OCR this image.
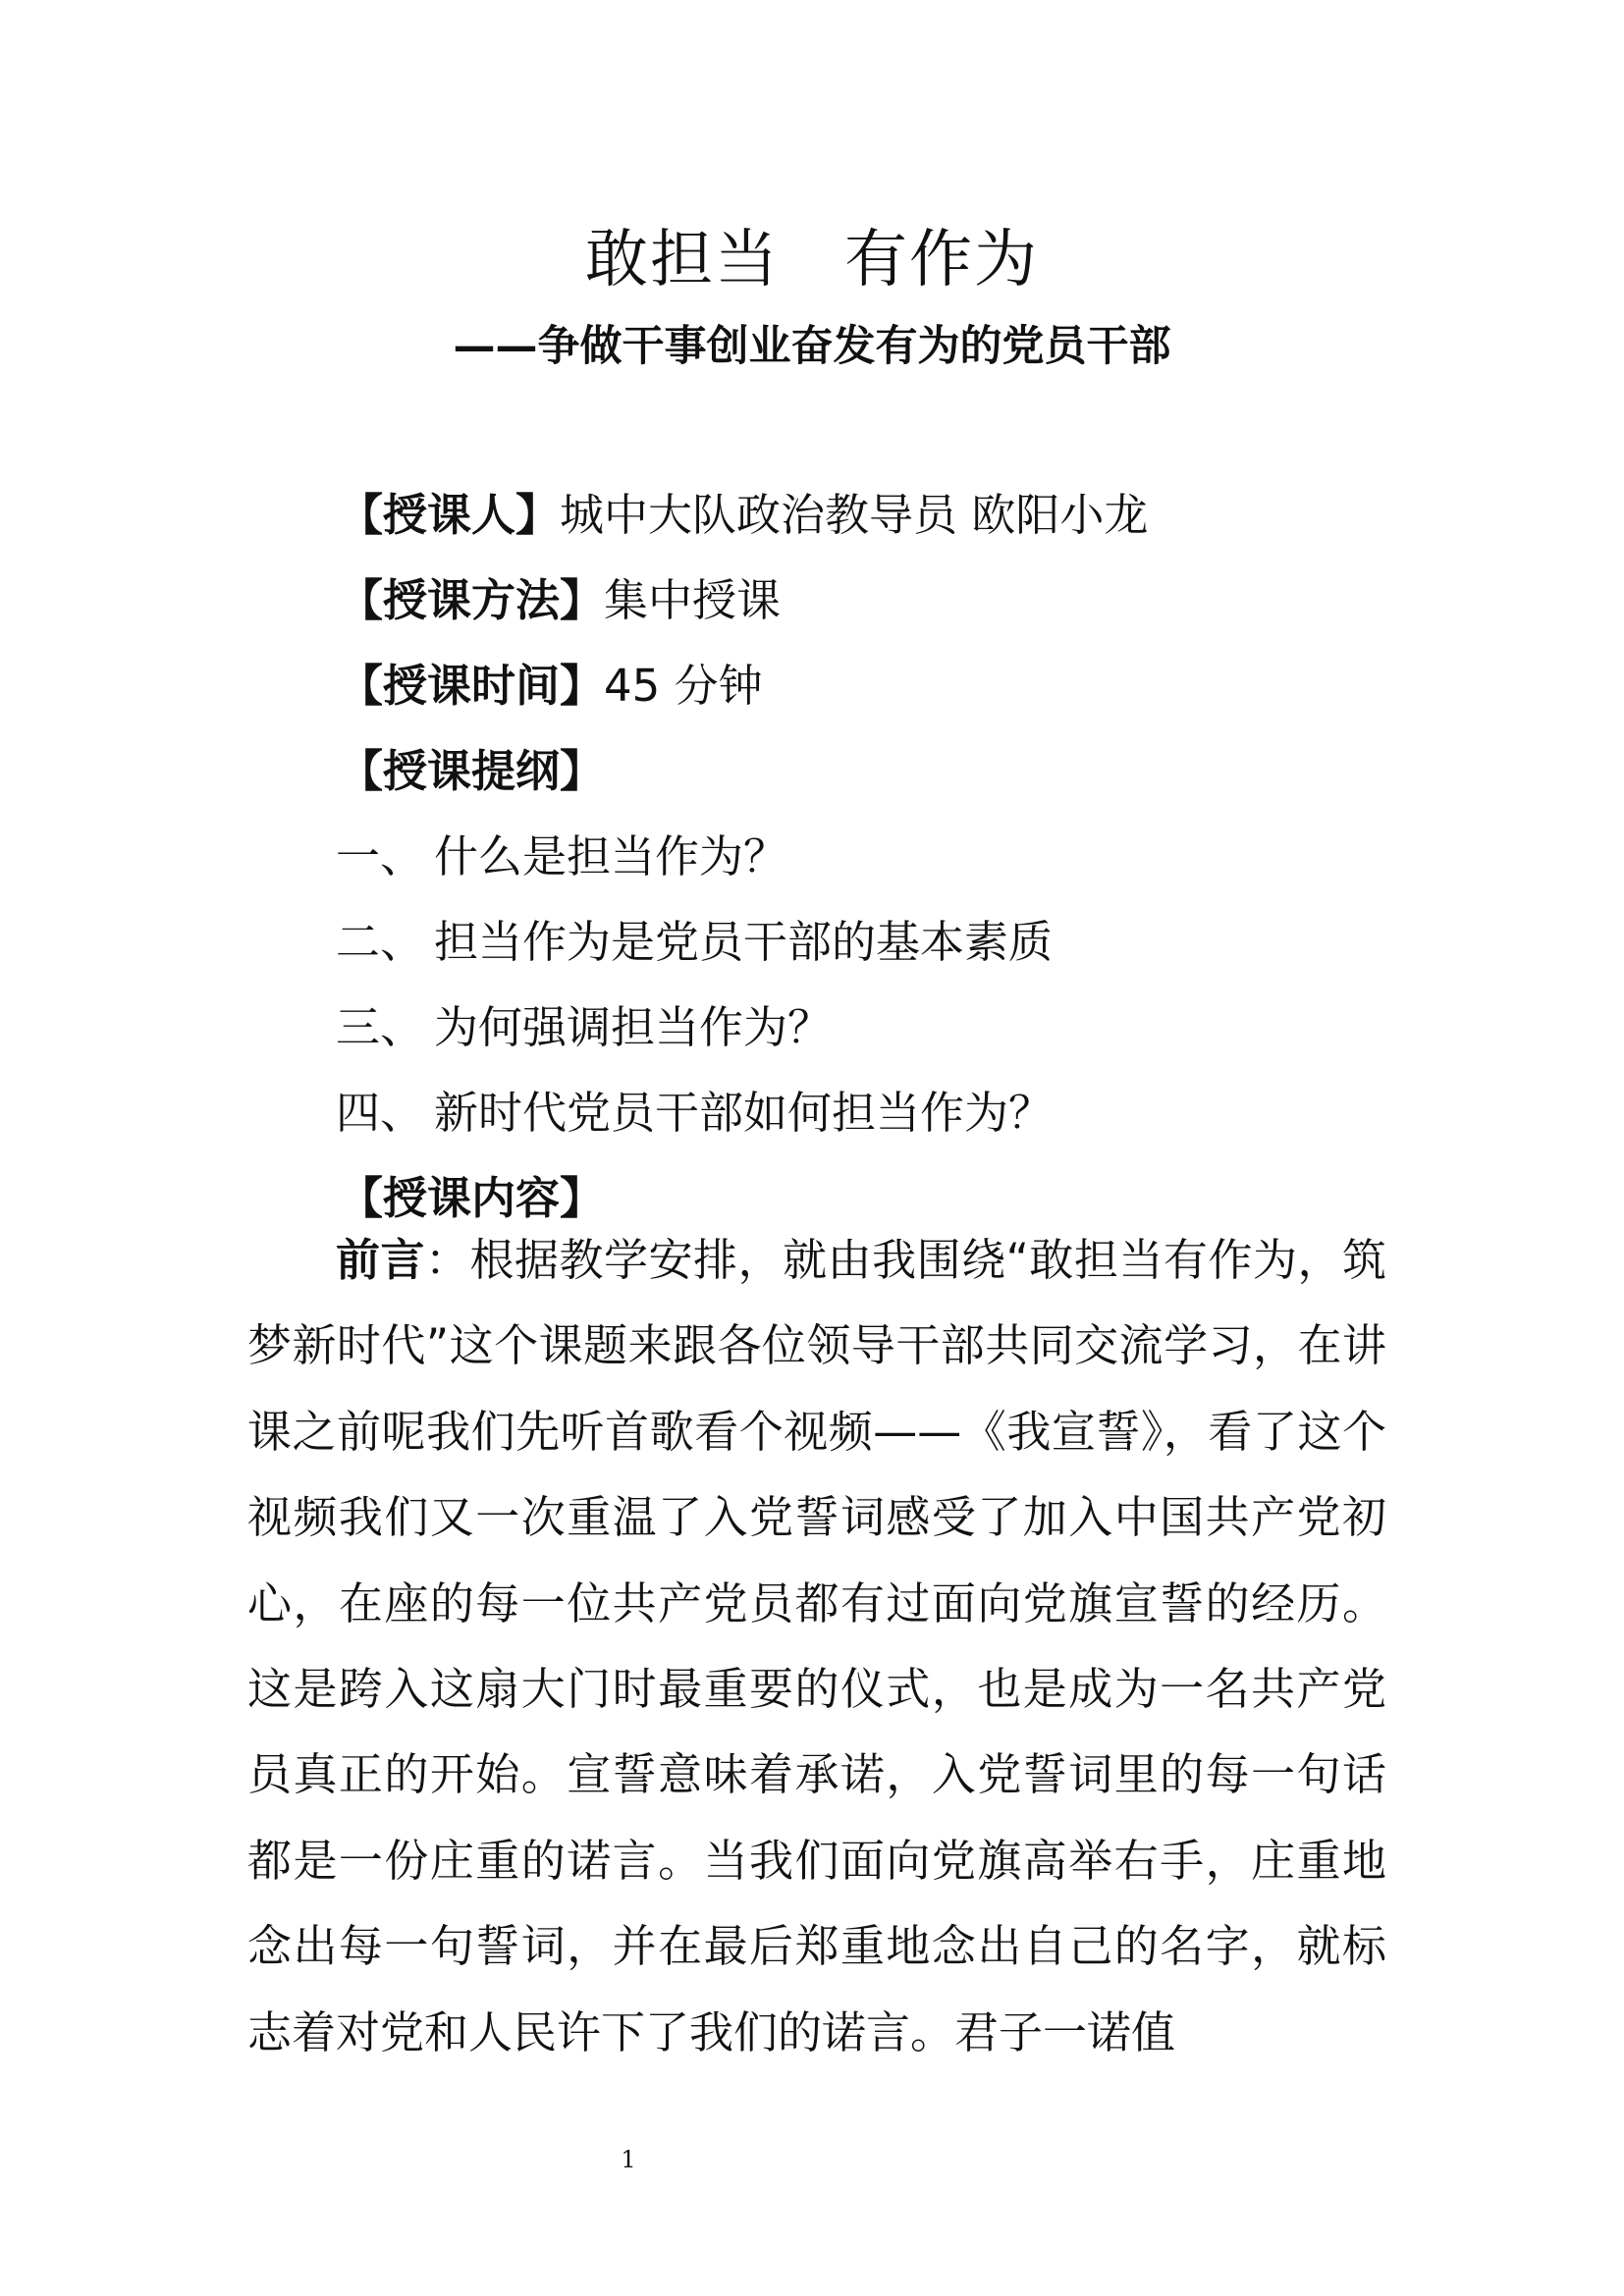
敢担当　有作为
——争做干事创业奋发有为的党员干部
【授课人】城中大队政治教导员 欧阳小龙
【授课方法】集中授课
【授课时间】45 分钟
【授课提纲】
一、 什么是担当作为？
二、 担当作为是党员干部的基本素质
三、 为何强调担当作为？
四、 新时代党员干部如何担当作为？
【授课内容】

前言：根据教学安排，就由我围绕“敢担当有作为，筑梦新时代”这个课题来跟各位领导干部共同交流学习，在讲课之前呢我们先听首歌看个视频——《我宣誓》，看了这个视频我们又一次重温了入党誓词感受了加入中国共产党初心，在座的每一位共产党员都有过面向党旗宣誓的经历。这是跨入这扇大门时最重要的仪式，也是成为一名共产党员真正的开始。宣誓意味着承诺，入党誓词里的每一句话都是一份庄重的诺言。当我们面向党旗高举右手，庄重地念出每一句誓词，并在最后郑重地念出自己的名字，就标志着对党和人民许下了我们的诺言。君子一诺值

1
